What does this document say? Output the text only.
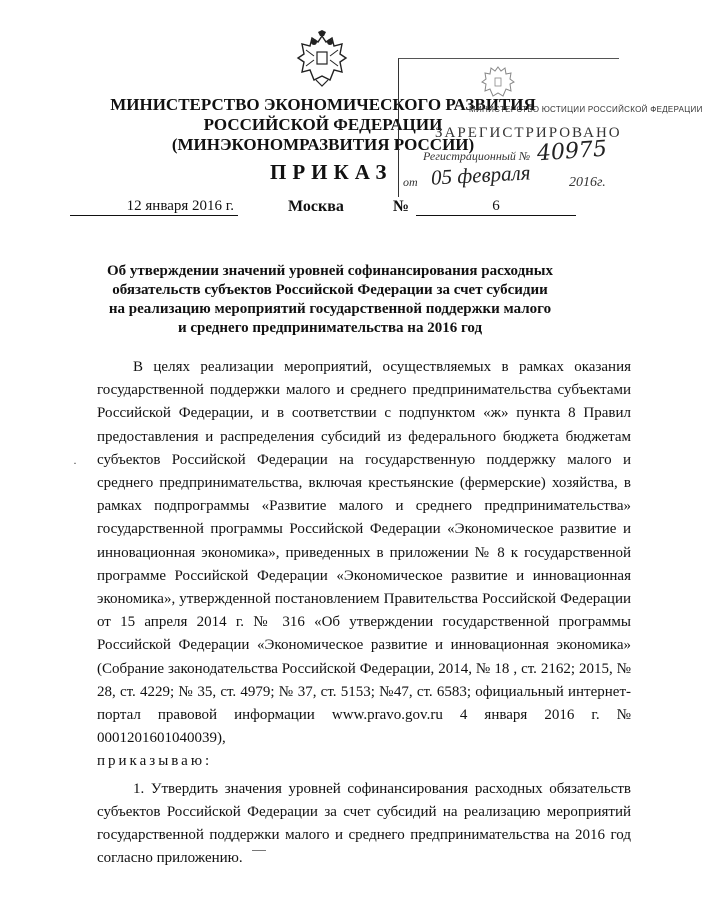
МИНИСТЕРСТВО ЭКОНОМИЧЕСКОГО РАЗВИТИЯ
РОССИЙСКОЙ ФЕДЕРАЦИИ
(МИНЭКОНОМРАЗВИТИЯ РОССИИ)
ПРИКАЗ
12 января 2016 г.	Москва	№	6
МИНИСТЕРСТВО ЮСТИЦИИ РОССИЙСКОЙ ФЕДЕРАЦИИ
ЗАРЕГИСТРИРОВАНО
Регистрационный № 40975
от 05 февраля	2016г.
Об утверждении значений уровней софинансирования расходных
обязательств субъектов Российской Федерации за счет субсидии
на реализацию мероприятий государственной поддержки малого
и среднего предпринимательства на 2016 год
·

В целях реализации мероприятий, осуществляемых в рамках оказания государственной поддержки малого и среднего предпринимательства субъектами Российской Федерации, и в соответствии с подпунктом «ж» пункта 8 Правил предоставления и распределения субсидий из федерального бюджета бюджетам субъектов Российской Федерации на государственную поддержку малого и среднего предпринимательства, включая крестьянские (фермерские) хозяйства, в рамках подпрограммы «Развитие малого и среднего предпринимательства» государственной программы Российской Федерации «Экономическое развитие и инновационная экономика», приведенных в приложении № 8 к государственной программе Российской Федерации «Экономическое развитие и инновационная экономика», утвержденной постановлением Правительства Российской Федерации от 15 апреля 2014 г. № 316 «Об утверждении государственной программы Российской Федерации «Экономическое развитие и инновационная экономика» (Собрание законодательства Российской Федерации, 2014, № 18 , ст. 2162; 2015, № 28, ст. 4229; № 35, ст. 4979; № 37, ст. 5153; №47, ст. 6583; официальный интернет-портал правовой информации www.pravo.gov.ru 4 января 2016 г. № 0001201601040039),

приказываю:

1. Утвердить значения уровней софинансирования расходных обязательств субъектов Российской Федерации за счет субсидий на реализацию мероприятий государственной поддержки малого и среднего предпринимательства на 2016 год согласно приложению.
